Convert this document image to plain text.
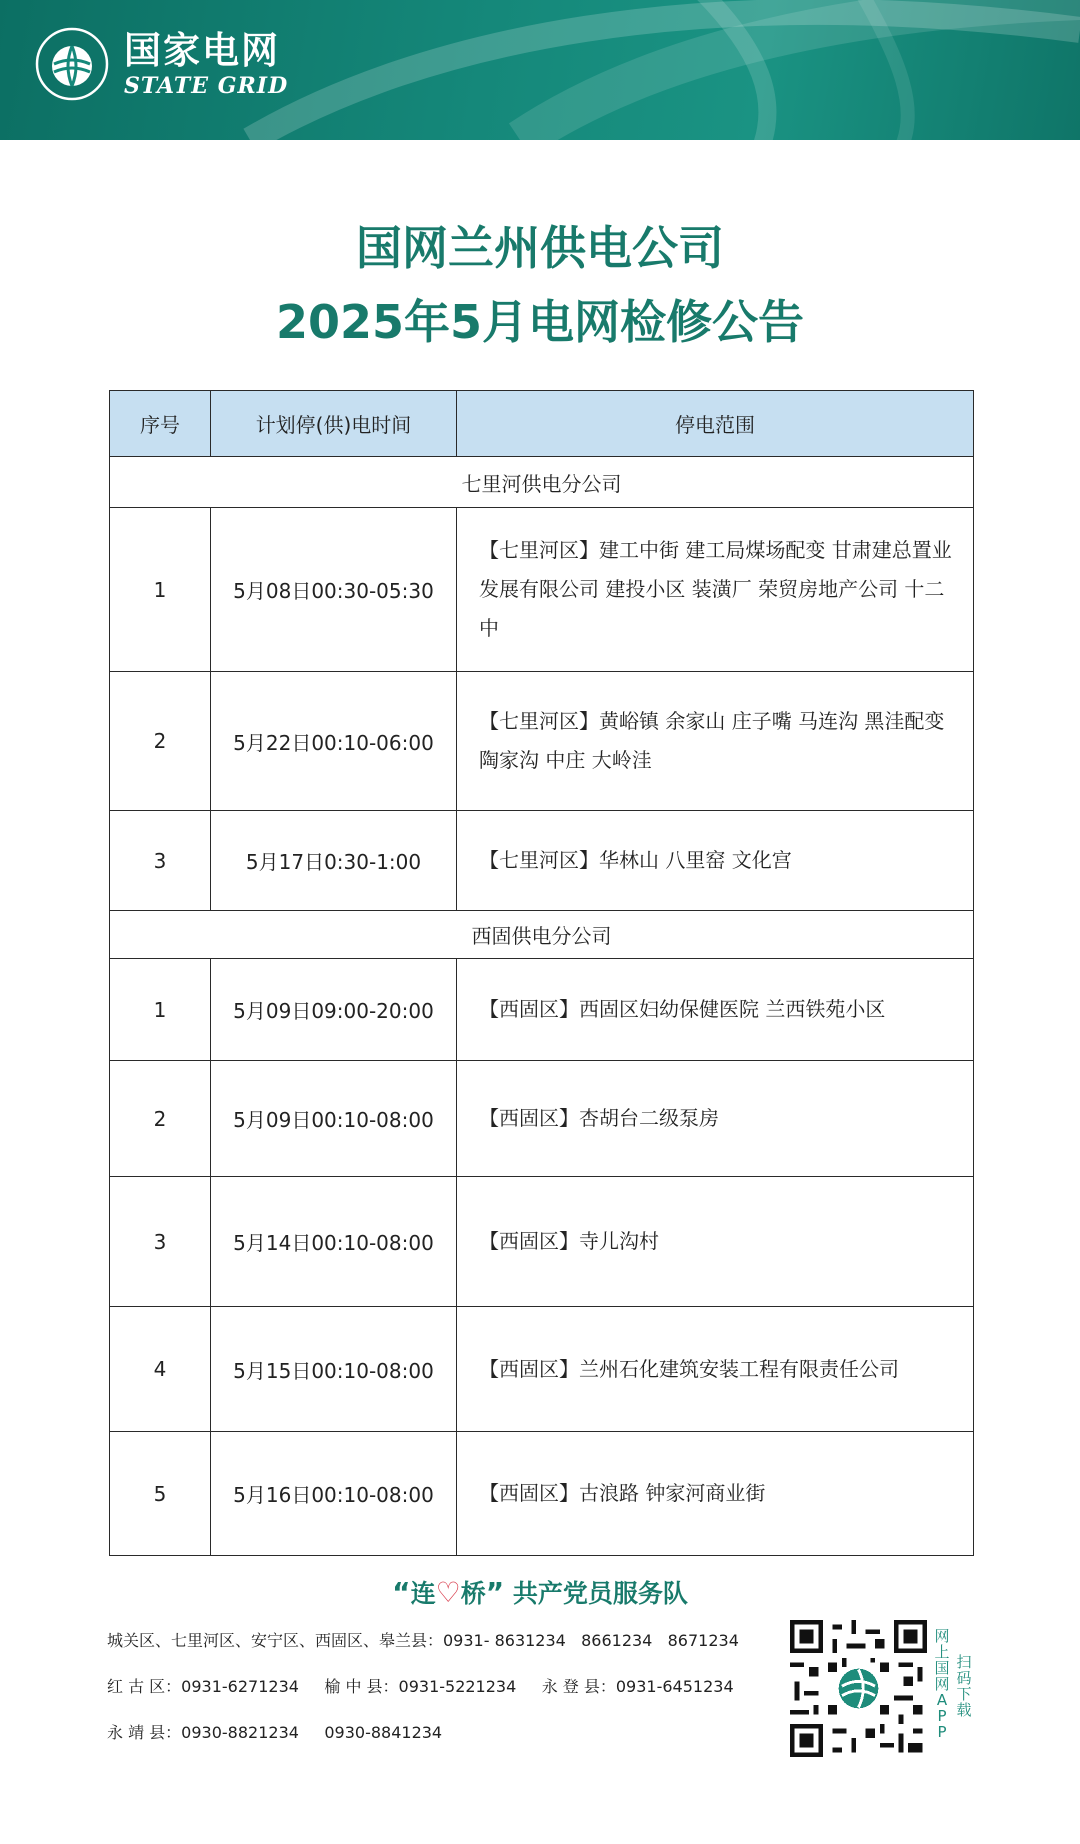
国家电网
STATE GRID
国网兰州供电公司
2025年5月电网检修公告
序号	计划停(供)电时间	停电范围
七里河供电分公司		
1	5月08日00:30-05:30	【七里河区】建工中街 建工局煤场配变 甘肃建总置业发展有限公司 建投小区 装潢厂 荣贸房地产公司 十二中
2	5月22日00:10-06:00	【七里河区】黄峪镇 余家山 庄子嘴 马连沟 黑洼配变 陶家沟 中庄 大岭洼
3	5月17日0:30-1:00	【七里河区】华林山 八里窑 文化宫
西固供电分公司		
1	5月09日09:00-20:00	【西固区】西固区妇幼保健医院 兰西铁苑小区
2	5月09日00:10-08:00	【西固区】杏胡台二级泵房
3	5月14日00:10-08:00	【西固区】寺儿沟村
4	5月15日00:10-08:00	【西固区】兰州石化建筑安装工程有限责任公司
5	5月16日00:10-08:00	【西固区】古浪路 钟家河商业街
“连♡桥” 共产党员服务队
城关区、七里河区、安宁区、西固区、皋兰县：0931- 8631234   8661234   8671234
红 古 区：0931-6271234     榆 中 县：0931-5221234     永 登 县：0931-6451234
永 靖 县：0930-8821234     0930-8841234
网上国网APP
扫码下载
